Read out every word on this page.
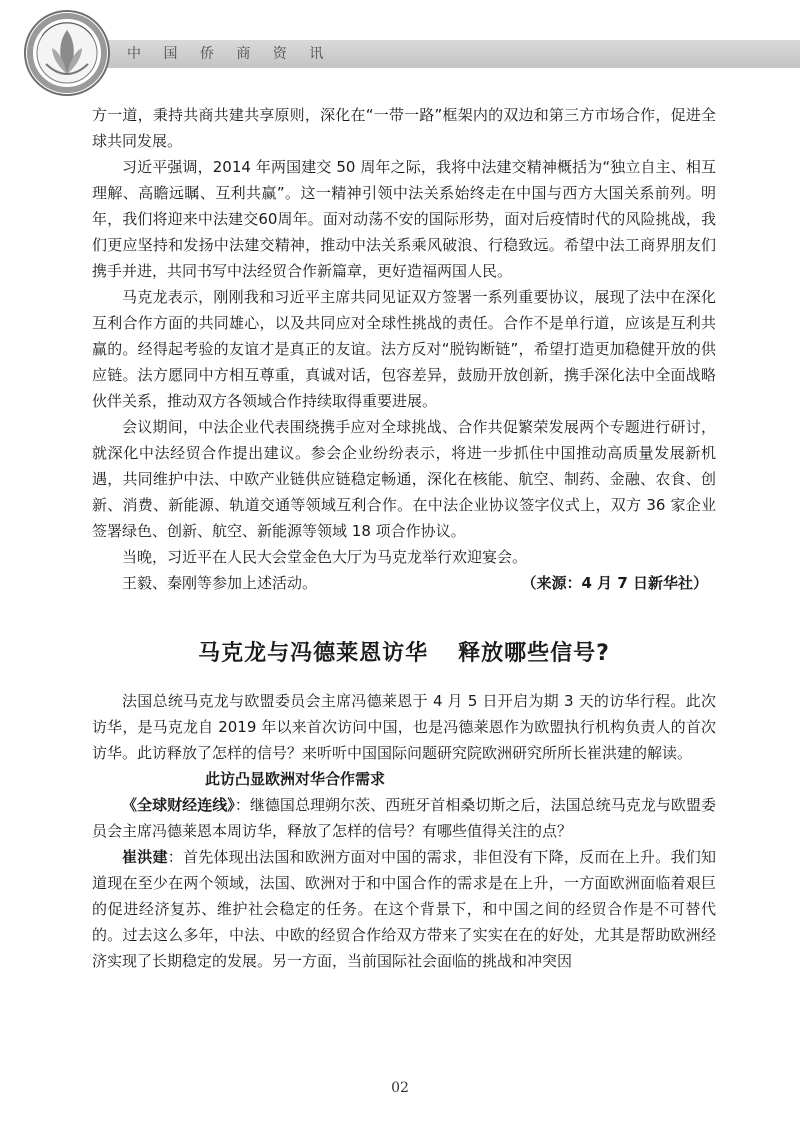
中 国 侨 商 资 讯

方一道，秉持共商共建共享原则，深化在“一带一路”框架内的双边和第三方市场合作，促进全球共同发展。

习近平强调，2014 年两国建交 50 周年之际，我将中法建交精神概括为“独立自主、相互理解、高瞻远瞩、互利共赢”。这一精神引领中法关系始终走在中国与西方大国关系前列。明年，我们将迎来中法建交60周年。面对动荡不安的国际形势，面对后疫情时代的风险挑战，我们更应坚持和发扬中法建交精神，推动中法关系乘风破浪、行稳致远。希望中法工商界朋友们携手并进，共同书写中法经贸合作新篇章，更好造福两国人民。

马克龙表示，刚刚我和习近平主席共同见证双方签署一系列重要协议，展现了法中在深化互利合作方面的共同雄心，以及共同应对全球性挑战的责任。合作不是单行道，应该是互利共赢的。经得起考验的友谊才是真正的友谊。法方反对“脱钩断链”，希望打造更加稳健开放的供应链。法方愿同中方相互尊重，真诚对话，包容差异，鼓励开放创新，携手深化法中全面战略伙伴关系，推动双方各领域合作持续取得重要进展。

会议期间，中法企业代表围绕携手应对全球挑战、合作共促繁荣发展两个专题进行研讨，就深化中法经贸合作提出建议。参会企业纷纷表示，将进一步抓住中国推动高质量发展新机遇，共同维护中法、中欧产业链供应链稳定畅通，深化在核能、航空、制药、金融、农食、创新、消费、新能源、轨道交通等领域互利合作。在中法企业协议签字仪式上，双方 36 家企业签署绿色、创新、航空、新能源等领域 18 项合作协议。

当晚，习近平在人民大会堂金色大厅为马克龙举行欢迎宴会。

王毅、秦刚等参加上述活动。	（来源：4 月 7 日新华社）

马克龙与冯德莱恩访华 释放哪些信号?

法国总统马克龙与欧盟委员会主席冯德莱恩于 4 月 5 日开启为期 3 天的访华行程。此次访华，是马克龙自 2019 年以来首次访问中国，也是冯德莱恩作为欧盟执行机构负责人的首次访华。此访释放了怎样的信号？来听听中国国际问题研究院欧洲研究所所长崔洪建的解读。

此访凸显欧洲对华合作需求

《全球财经连线》：继德国总理朔尔茨、西班牙首相桑切斯之后，法国总统马克龙与欧盟委员会主席冯德莱恩本周访华，释放了怎样的信号？有哪些值得关注的点？

崔洪建：首先体现出法国和欧洲方面对中国的需求，非但没有下降，反而在上升。我们知道现在至少在两个领域，法国、欧洲对于和中国合作的需求是在上升，一方面欧洲面临着艰巨的促进经济复苏、维护社会稳定的任务。在这个背景下，和中国之间的经贸合作是不可替代的。过去这么多年，中法、中欧的经贸合作给双方带来了实实在在的好处，尤其是帮助欧洲经济实现了长期稳定的发展。另一方面，当前国际社会面临的挑战和冲突因

02
